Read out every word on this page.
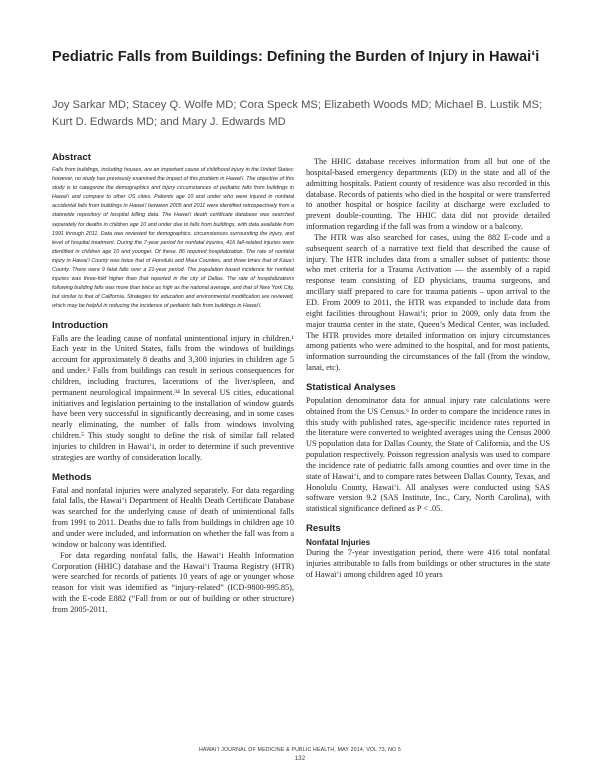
Pediatric Falls from Buildings: Defining the Burden of Injury in Hawai‘i

Joy Sarkar MD; Stacey Q. Wolfe MD; Cora Speck MS; Elizabeth Woods MD; Michael B. Lustik MS; Kurt D. Edwards MD; and Mary J. Edwards MD

Abstract

Falls from buildings, including houses, are an important cause of childhood injury in the United States; however, no study has previously examined the impact of this problem in Hawai‘i. The objective of this study is to categorize the demographics and injury circumstances of pediatric falls from buildings in Hawai‘i and compare to other US cities. Patients age 10 and under who were injured in nonfatal accidental falls from buildings in Hawai‘i between 2005 and 2011 were identified retrospectively from a statewide repository of hospital billing data. The Hawai‘i death certificate database was searched separately for deaths in children age 10 and under due to falls from buildings, with data available from 1991 through 2011. Data was reviewed for demographics, circumstances surrounding the injury, and level of hospital treatment. During the 7-year period for nonfatal injuries, 416 fall-related injuries were identified in children age 10 and younger. Of these, 86 required hospitalization. The rate of nonfatal injury in Hawai‘i County was twice that of Honolulu and Maui Counties, and three times that of Kaua‘i County. There were 9 fatal falls over a 21-year period. The population based incidence for nonfatal injuries was three-fold higher than that reported in the city of Dallas. The rate of hospitalizations following building falls was more than twice as high as the national average, and that of New York City, but similar to that of California. Strategies for education and environmental modification are reviewed, which may be helpful in reducing the incidence of pediatric falls from buildings in Hawai‘i.

Introduction

Falls are the leading cause of nonfatal unintentional injury in children.¹ Each year in the United States, falls from the windows of buildings account for approximately 8 deaths and 3,300 injuries in children age 5 and under.² Falls from buildings can result in serious consequences for children, including fractures, lacerations of the liver/spleen, and permanent neurological impairment.³⁴ In several US cities, educational initiatives and legislation pertaining to the installation of window guards have been very successful in significantly decreasing, and in some cases nearly eliminating, the number of falls from windows involving children.⁵ This study sought to define the risk of similar fall related injuries to children in Hawai‘i, in order to determine if such preventive strategies are worthy of consideration locally.

Methods

Fatal and nonfatal injuries were analyzed separately. For data regarding fatal falls, the Hawai‘i Department of Health Death Certificate Database was searched for the underlying cause of death of unintentional falls from 1991 to 2011. Deaths due to falls from buildings in children age 10 and under were included, and information on whether the fall was from a window or balcony was identified.

For data regarding nonfatal falls, the Hawai‘i Health Information Corporation (HHIC) database and the Hawai‘i Trauma Registry (HTR) were searched for records of patients 10 years of age or younger whose reason for visit was identified as “injury-related” (ICD-9800-995.85), with the E-code E882 (“Fall from or out of building or other structure) from 2005-2011.

The HHIC database receives information from all but one of the hospital-based emergency departments (ED) in the state and all of the admitting hospitals. Patient county of residence was also recorded in this database. Records of patients who died in the hospital or were transferred to another hospital or hospice facility at discharge were excluded to prevent double-counting. The HHIC data did not provide detailed information regarding if the fall was from a window or a balcony.

The HTR was also searched for cases, using the 882 E-code and a subsequent search of a narrative text field that described the cause of injury. The HTR includes data from a smaller subset of patients: those who met criteria for a Trauma Activation — the assembly of a rapid response team consisting of ED physicians, trauma surgeons, and ancillary staff prepared to care for trauma patients – upon arrival to the ED. From 2009 to 2011, the HTR was expanded to include data from eight facilities throughout Hawai‘i; prior to 2009, only data from the major trauma center in the state, Queen’s Medical Center, was included. The HTR provides more detailed information on injury circumstances among patients who were admitted to the hospital, and for most patients, information surrounding the circumstances of the fall (from the window, lanai, etc).

Statistical Analyses

Population denominator data for annual injury rate calculations were obtained from the US Census.⁶ In order to compare the incidence rates in this study with published rates, age-specific incidence rates reported in the literature were converted to weighted averages using the Census 2000 US population data for Dallas County, the State of California, and the US population respectively. Poisson regression analysis was used to compare the incidence rate of pediatric falls among counties and over time in the state of Hawai‘i, and to compare rates between Dallas County, Texas, and Honolulu County, Hawai‘i. All analyses were conducted using SAS software version 9.2 (SAS Institute, Inc., Cary, North Carolina), with statistical significance defined as P < .05.

Results
Nonfatal Injuries

During the 7-year investigation period, there were 416 total nonfatal injuries attributable to falls from buildings or other structures in the state of Hawai‘i among children aged 10 years

HAWAI‘I JOURNAL OF MEDICINE & PUBLIC HEALTH, MAY 2014, VOL 73, NO 5
132
